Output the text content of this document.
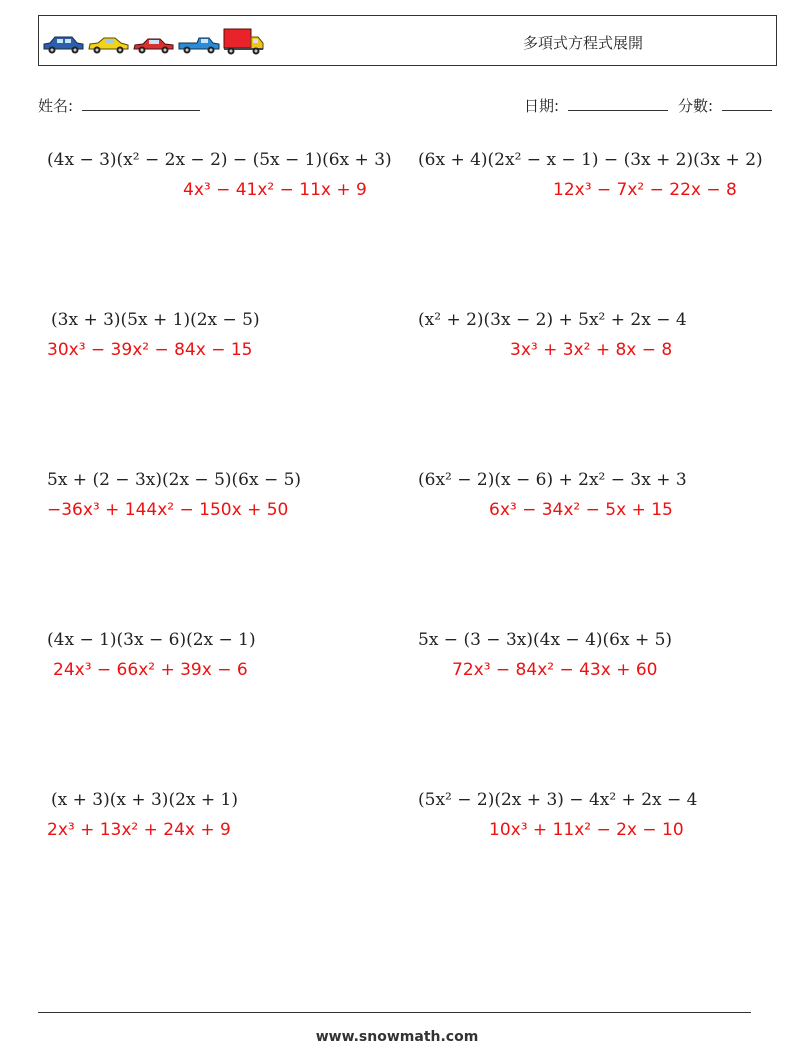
多項式方程式展開
姓名:	日期:	分數:
(4x − 3)(x² − 2x − 2) − (5x − 1)(6x + 3)
4x³ − 41x² − 11x + 9
(3x + 3)(5x + 1)(2x − 5)
30x³ − 39x² − 84x − 15
5x + (2 − 3x)(2x − 5)(6x − 5)
−36x³ + 144x² − 150x + 50
(4x − 1)(3x − 6)(2x − 1)
24x³ − 66x² + 39x − 6
(x + 3)(x + 3)(2x + 1)
2x³ + 13x² + 24x + 9
(6x + 4)(2x² − x − 1) − (3x + 2)(3x + 2)
12x³ − 7x² − 22x − 8
(x² + 2)(3x − 2) + 5x² + 2x − 4
3x³ + 3x² + 8x − 8
(6x² − 2)(x − 6) + 2x² − 3x + 3
6x³ − 34x² − 5x + 15
5x − (3 − 3x)(4x − 4)(6x + 5)
72x³ − 84x² − 43x + 60
(5x² − 2)(2x + 3) − 4x² + 2x − 4
10x³ + 11x² − 2x − 10
www.snowmath.com
